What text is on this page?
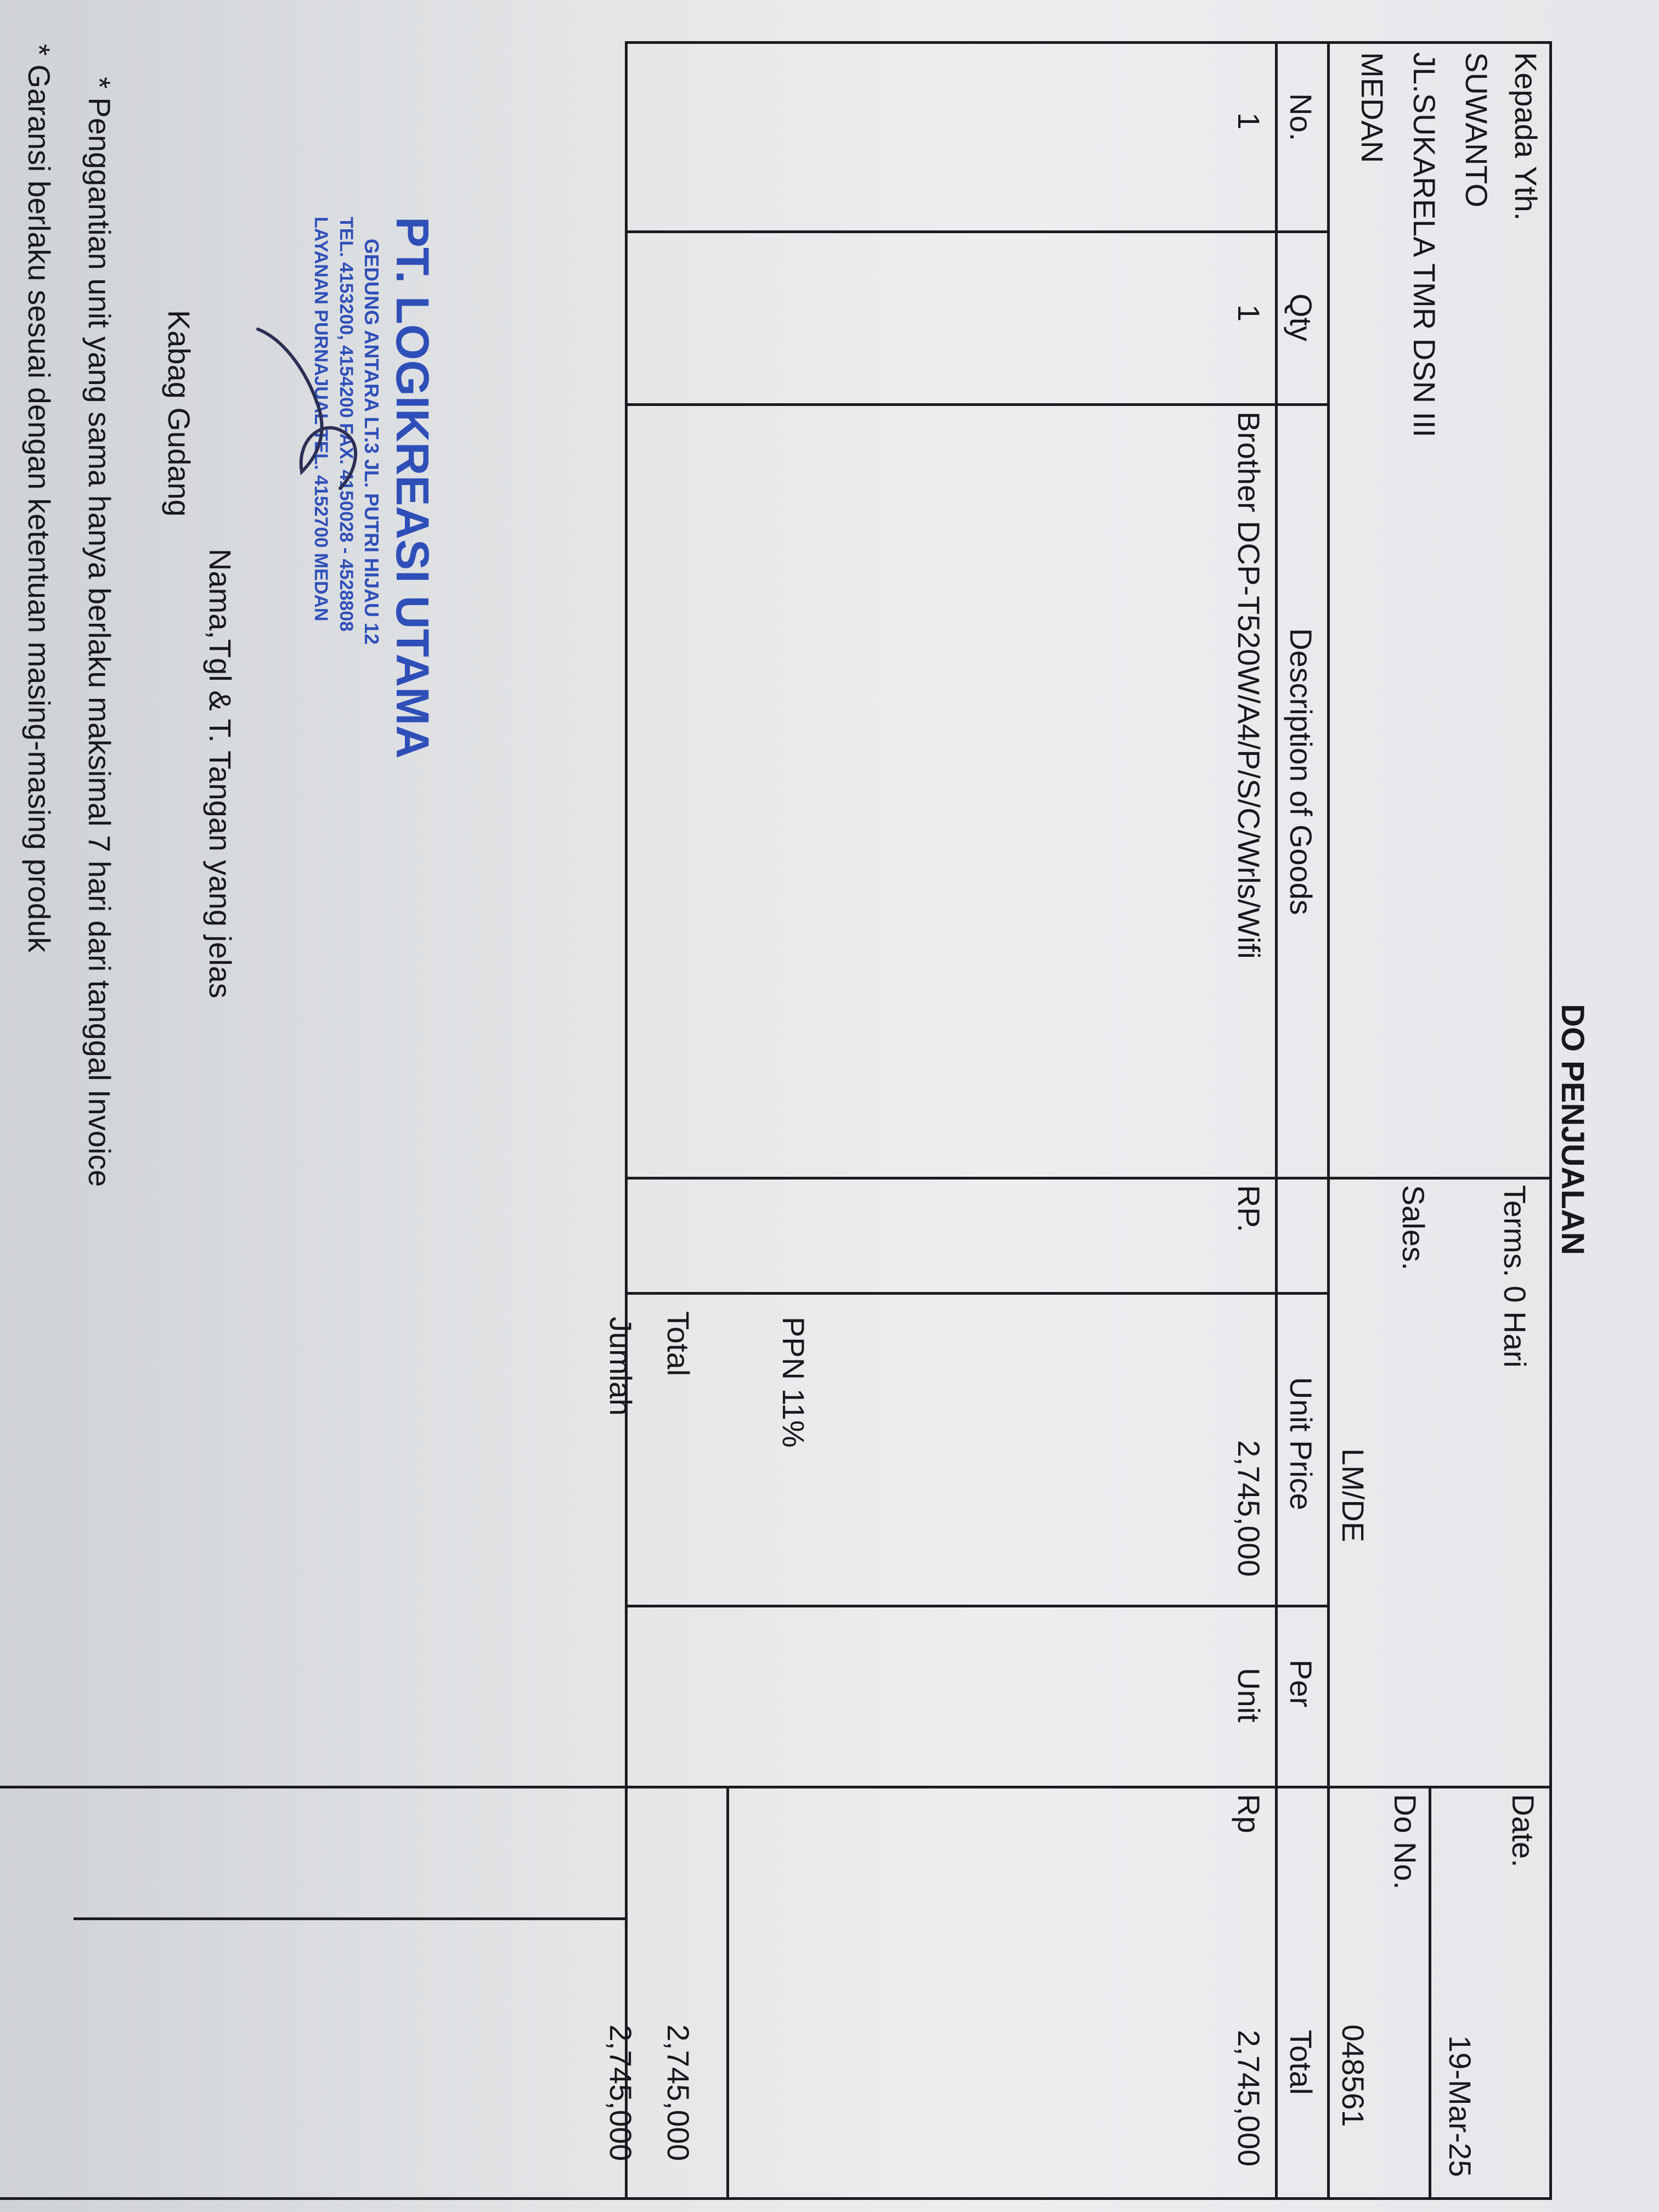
DO PENJUALAN
Kepada Yth.
SUWANTO
JL.SUKARELA TMR DSN III
MEDAN
Terms. 0 Hari
Sales.
LM/DE
Date.
19-Mar-25
Do No.
048561
No.
Qty
Description of Goods
Unit Price
Per
Total
1
1
Brother DCP-T520W/A4/P/S/C/Wrls/Wifi
RP.
2,745,000
Unit
Rp
2,745,000
Jumlah
2,745,000
PPN 11%
Total
2,745,000
Kabag Gudang
Nama,Tgl & T. Tangan yang jelas
* Penggantian unit yang sama hanya berlaku maksimal 7 hari dari tanggal Invoice
* Garansi berlaku sesuai dengan ketentuan masing-masing produk	PT. LOGIKREASI UTAMA
GEDUNG ANTARA LT.3 JL. PUTRI HIJAU 12
TEL. 4153200, 4154200 FAX. 4150028 - 4528808
LAYANAN PURNAJUAL TEL. 4152700 MEDAN
